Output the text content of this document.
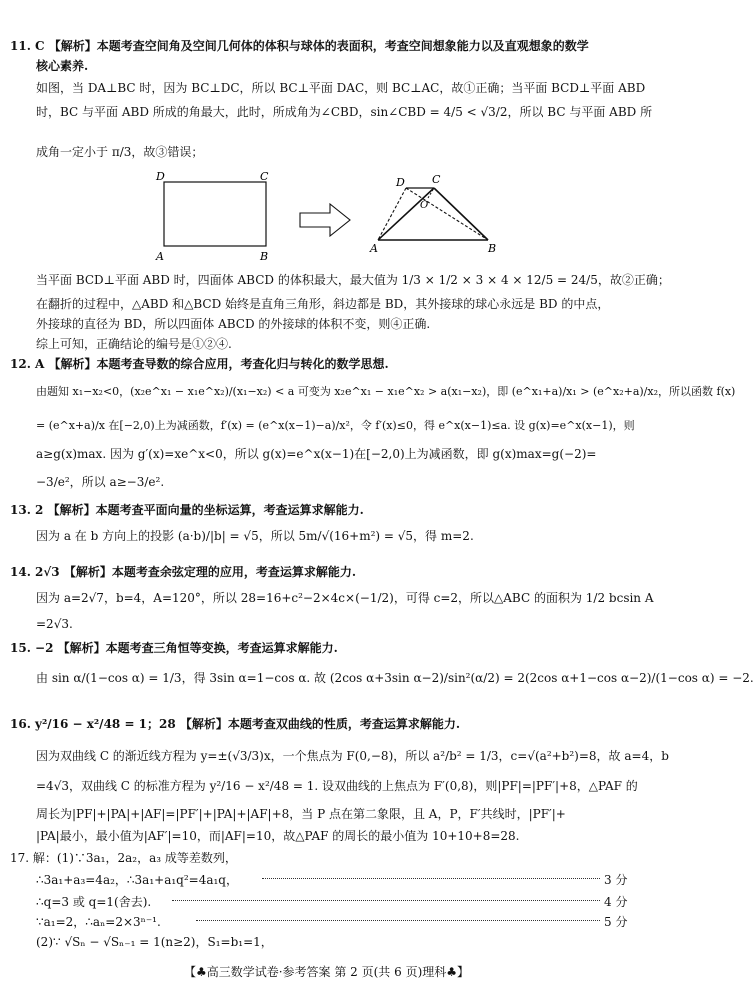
11. C 【解析】本题考查空间角及空间几何体的体积与球体的表面积，考查空间想象能力以及直观想象的数学
核心素养.
如图，当 DA⊥BC 时，因为 BC⊥DC，所以 BC⊥平面 DAC，则 BC⊥AC，故①正确；当平面 BCD⊥平面 ABD
时，BC 与平面 ABD 所成的角最大，此时，所成角为∠CBD，sin∠CBD = 4/5 < √3/2，所以 BC 与平面 ABD 所
成角一定小于 π/3，故③错误；
D	C
A	B
D C
O
A	B
当平面 BCD⊥平面 ABD 时，四面体 ABCD 的体积最大，最大值为 1/3 × 1/2 × 3 × 4 × 12/5 = 24/5，故②正确；
在翻折的过程中，△ABD 和△BCD 始终是直角三角形，斜边都是 BD，其外接球的球心永远是 BD 的中点，
外接球的直径为 BD，所以四面体 ABCD 的外接球的体积不变，则④正确.
综上可知，正确结论的编号是①②④.
12. A 【解析】本题考查导数的综合应用，考查化归与转化的数学思想.
由题知 x₁−x₂<0，(x₂e^x₁ − x₁e^x₂)/(x₁−x₂) < a 可变为 x₂e^x₁ − x₁e^x₂ > a(x₁−x₂)，即 (e^x₁+a)/x₁ > (e^x₂+a)/x₂，所以函数 f(x)
= (e^x+a)/x 在[−2,0)上为减函数，f′(x) = (e^x(x−1)−a)/x²，令 f′(x)≤0，得 e^x(x−1)≤a. 设 g(x)=e^x(x−1)，则
a≥g(x)max. 因为 g′(x)=xe^x<0，所以 g(x)=e^x(x−1)在[−2,0)上为减函数，即 g(x)max=g(−2)=
−3/e²，所以 a≥−3/e².
13. 2 【解析】本题考查平面向量的坐标运算，考查运算求解能力.
因为 a 在 b 方向上的投影 (a·b)/|b| = √5，所以 5m/√(16+m²) = √5，得 m=2.
14. 2√3 【解析】本题考查余弦定理的应用，考查运算求解能力.
因为 a=2√7，b=4，A=120°，所以 28=16+c²−2×4c×(−1/2)，可得 c=2，所以△ABC 的面积为 1/2 bcsin A
=2√3.
15. −2 【解析】本题考查三角恒等变换，考查运算求解能力.
由 sin α/(1−cos α) = 1/3，得 3sin α=1−cos α. 故 (2cos α+3sin α−2)/sin²(α/2) = 2(2cos α+1−cos α−2)/(1−cos α) = −2.
16. y²/16 − x²/48 = 1；28 【解析】本题考查双曲线的性质，考查运算求解能力.
因为双曲线 C 的渐近线方程为 y=±(√3/3)x，一个焦点为 F(0,−8)，所以 a²/b² = 1/3，c=√(a²+b²)=8，故 a=4，b
=4√3，双曲线 C 的标准方程为 y²/16 − x²/48 = 1. 设双曲线的上焦点为 F′(0,8)，则|PF|=|PF′|+8，△PAF 的
周长为|PF|+|PA|+|AF|=|PF′|+|PA|+|AF|+8，当 P 点在第二象限，且 A，P，F′共线时，|PF′|+
|PA|最小，最小值为|AF′|=10，而|AF|=10，故△PAF 的周长的最小值为 10+10+8=28.
17. 解：(1)∵3a₁，2a₂，a₃ 成等差数列，
∴3a₁+a₃=4a₂，∴3a₁+a₁q²=4a₁q，	3 分
∴q=3 或 q=1(舍去).	4 分
∵a₁=2，∴aₙ=2×3ⁿ⁻¹.	5 分
(2)∵ √Sₙ − √Sₙ₋₁ = 1(n≥2)，S₁=b₁=1，
【♣高三数学试卷·参考答案 第 2 页(共 6 页)理科♣】
